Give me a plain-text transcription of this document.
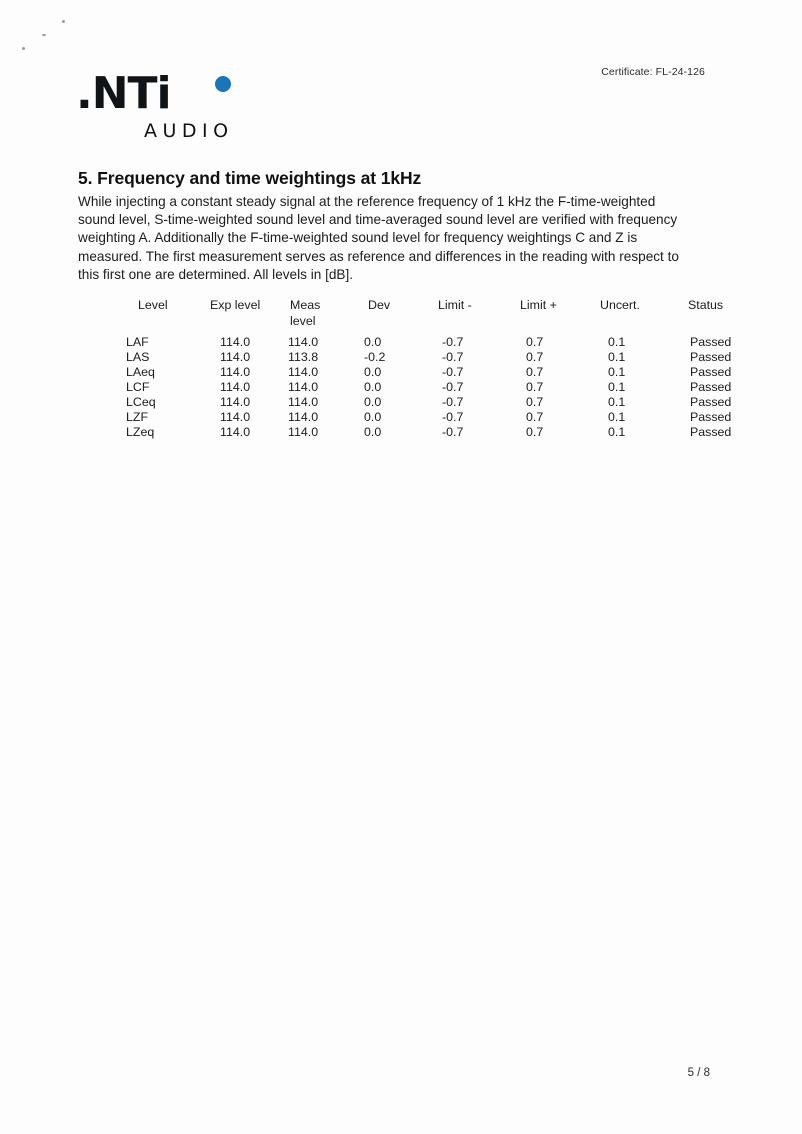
Certificate: FL-24-126
.NTi
AUDIO
5. Frequency and time weightings at 1kHz

While injecting a constant steady signal at the reference frequency of 1 kHz the F-time-weighted sound level, S-time-weighted sound level and time-averaged sound level are verified with frequency weighting A. Additionally the F-time-weighted sound level for frequency weightings C and Z is measured. The first measurement serves as reference and differences in the reading with respect to this first one are determined. All levels in [dB].

Level	Exp level	Meas	Dev	Limit -	Limit +	Uncert.	Status
		level					
LAF	114.0	114.0	0.0	-0.7	0.7	0.1	Passed
LAS	114.0	113.8	-0.2	-0.7	0.7	0.1	Passed
LAeq	114.0	114.0	0.0	-0.7	0.7	0.1	Passed
LCF	114.0	114.0	0.0	-0.7	0.7	0.1	Passed
LCeq	114.0	114.0	0.0	-0.7	0.7	0.1	Passed
LZF	114.0	114.0	0.0	-0.7	0.7	0.1	Passed
LZeq	114.0	114.0	0.0	-0.7	0.7	0.1	Passed
5 / 8
